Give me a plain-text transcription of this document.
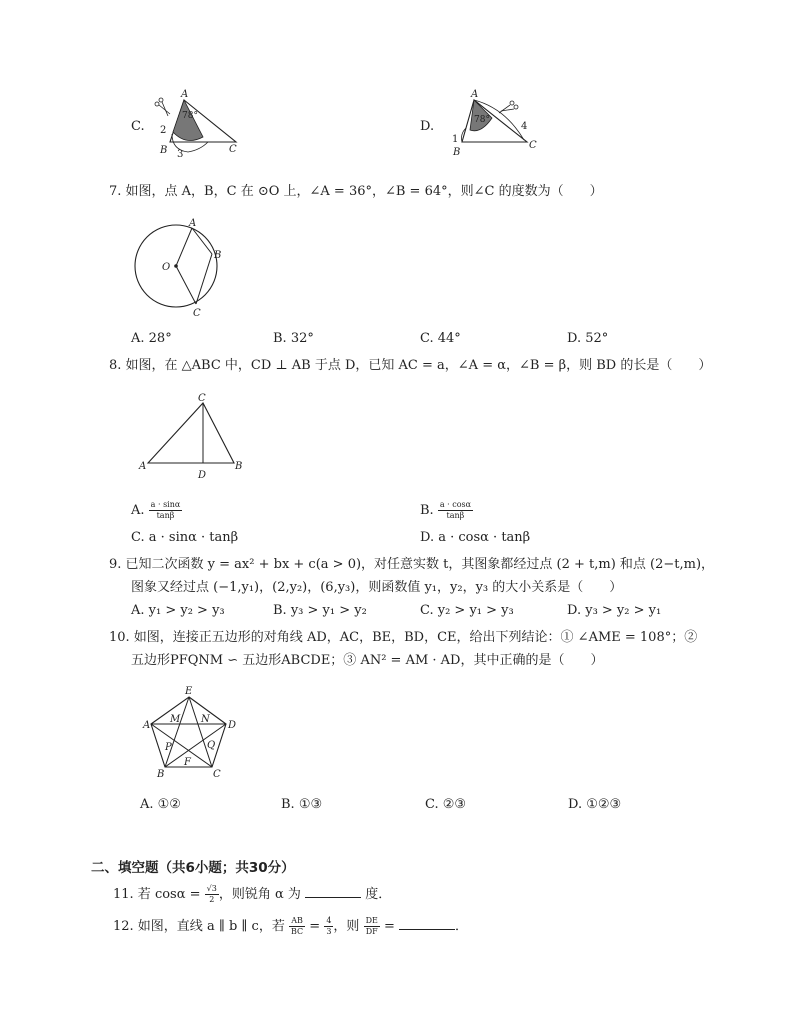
C.
A
78°
2
B 3	C
D.
A
78°
4
1
B
C
7. 如图，点 A，B，C 在 ⊙O 上，∠A = 36°，∠B = 64°，则∠C 的度数为（　　）
O
A
B
C
A. 28°	B. 32°	C. 44°	D. 52°
8. 如图，在 △ABC 中，CD ⊥ AB 于点 D，已知 AC = a，∠A = α，∠B = β，则 BD 的长是（　　）
C
A	B
D
A. $\frac{a \cdot \sin\alpha}{\tan\beta}$	B. $\frac{a \cdot \cos\alpha}{\tan\beta}$
C. a · sinα · tanβ	D. a · cosα · tanβ
9. 已知二次函数 y = ax² + bx + c(a > 0)，对任意实数 t，其图象都经过点 (2 + t,m) 和点 (2−t,m)，
图象又经过点 (−1,y₁)，(2,y₂)，(6,y₃)，则函数值 y₁，y₂，y₃ 的大小关系是（　　）
A. y₁ > y₂ > y₃	B. y₃ > y₁ > y₂	C. y₂ > y₁ > y₃	D. y₃ > y₂ > y₁
10. 如图，连接正五边形的对角线 AD，AC，BE，BD，CE，给出下列结论：① ∠AME = 108°；②
五边形PFQNM ∽ 五边形ABCDE；③ AN² = AM · AD，其中正确的是（　　）
E
A	D
B	C
M N
P	Q
F
A. ①②	B. ①③	C. ②③	D. ①②③
二、填空题（共6小题；共30分）
11. 若 $\cos\alpha = \frac{√3}{2}$ ，则锐角 α 为	度．
12. 如图，直线 a ∥ b ∥ c，若 $\frac{AB}{BC} = \frac{4}{3}$ ，则 $\frac{DE}{DF}$ =	．
